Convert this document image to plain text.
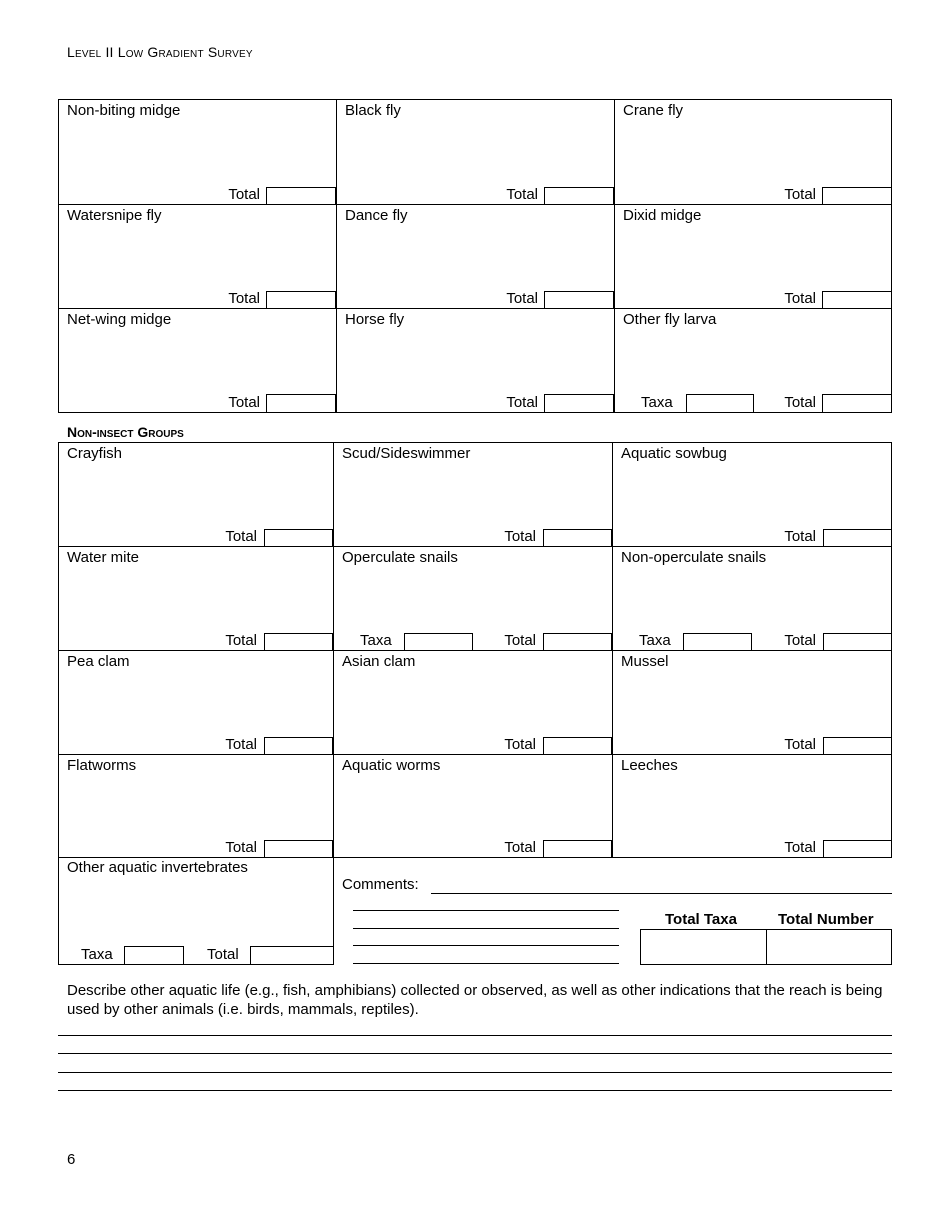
Level II Low Gradient Survey
Non-biting midge
Total
Black fly
Total
Crane fly
Total
Watersnipe fly
Total
Dance fly
Total
Dixid midge
Total
Net-wing midge
Total
Horse fly
Total
Other fly larva
Taxa	Total
Non-insect Groups
Crayfish
Total
Scud/Sideswimmer
Total
Aquatic sowbug
Total
Water mite
Total
Operculate snails
Taxa	Total
Non-operculate snails
Taxa	Total
Pea clam
Total
Asian clam
Total
Mussel
Total
Flatworms
Total
Aquatic worms
Total
Leeches
Total
Other aquatic invertebrates
Taxa	Total
Comments:
Total Taxa	Total Number
Describe other aquatic life (e.g., fish, amphibians) collected or observed, as well as other indications that the reach is being used by other animals (i.e. birds, mammals, reptiles).
6
